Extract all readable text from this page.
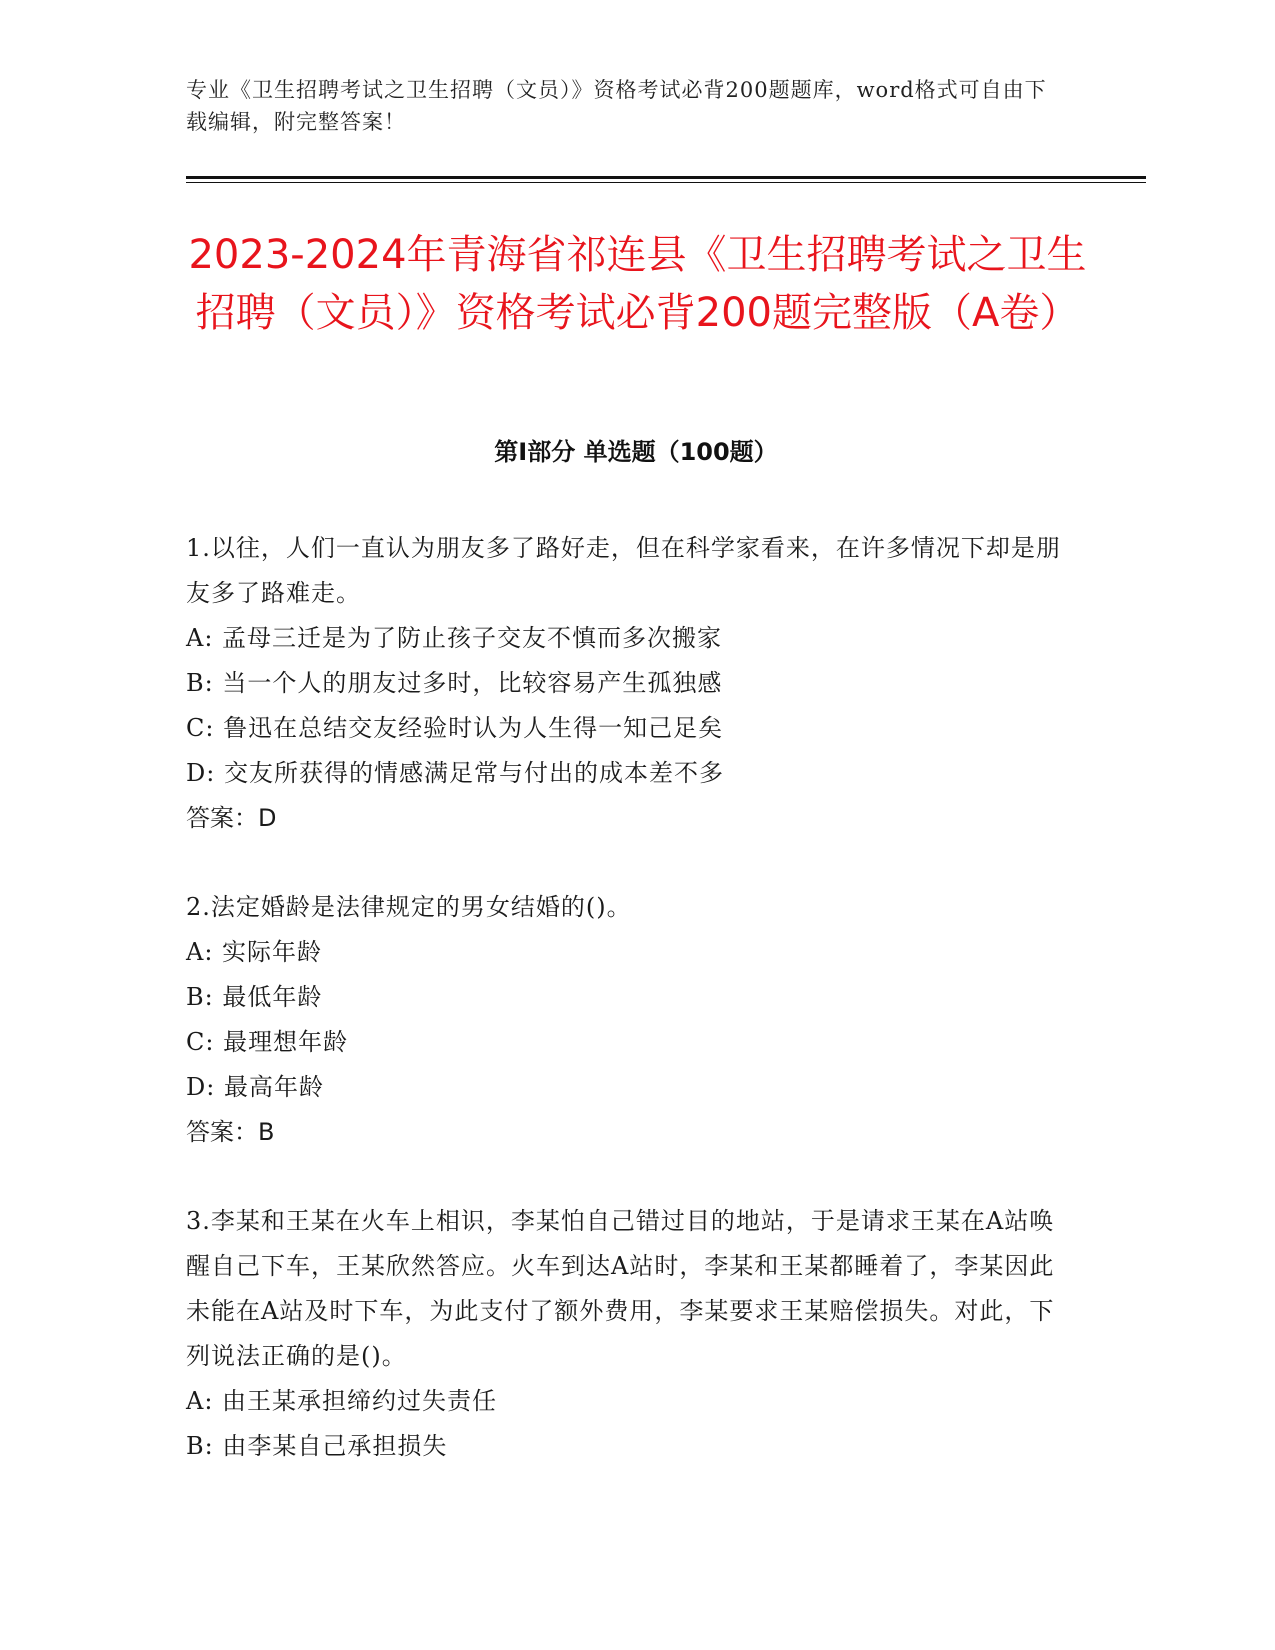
专业《卫生招聘考试之卫生招聘（文员）》资格考试必背200题题库，word格式可自由下载编辑，附完整答案！
2023-2024年青海省祁连县《卫生招聘考试之卫生招聘（文员）》资格考试必背200题完整版（A卷）
第Ⅰ部分 单选题（100题）

1.以往，人们一直认为朋友多了路好走，但在科学家看来，在许多情况下却是朋友多了路难走。

A: 孟母三迁是为了防止孩子交友不慎而多次搬家

B: 当一个人的朋友过多时，比较容易产生孤独感

C: 鲁迅在总结交友经验时认为人生得一知己足矣

D: 交友所获得的情感满足常与付出的成本差不多

答案：D

2.法定婚龄是法律规定的男女结婚的()。

A: 实际年龄

B: 最低年龄

C: 最理想年龄

D: 最高年龄

答案：B

3.李某和王某在火车上相识，李某怕自己错过目的地站，于是请求王某在A站唤醒自己下车，王某欣然答应。火车到达A站时，李某和王某都睡着了，李某因此未能在A站及时下车，为此支付了额外费用，李某要求王某赔偿损失。对此，下列说法正确的是()。

A: 由王某承担缔约过失责任

B: 由李某自己承担损失
